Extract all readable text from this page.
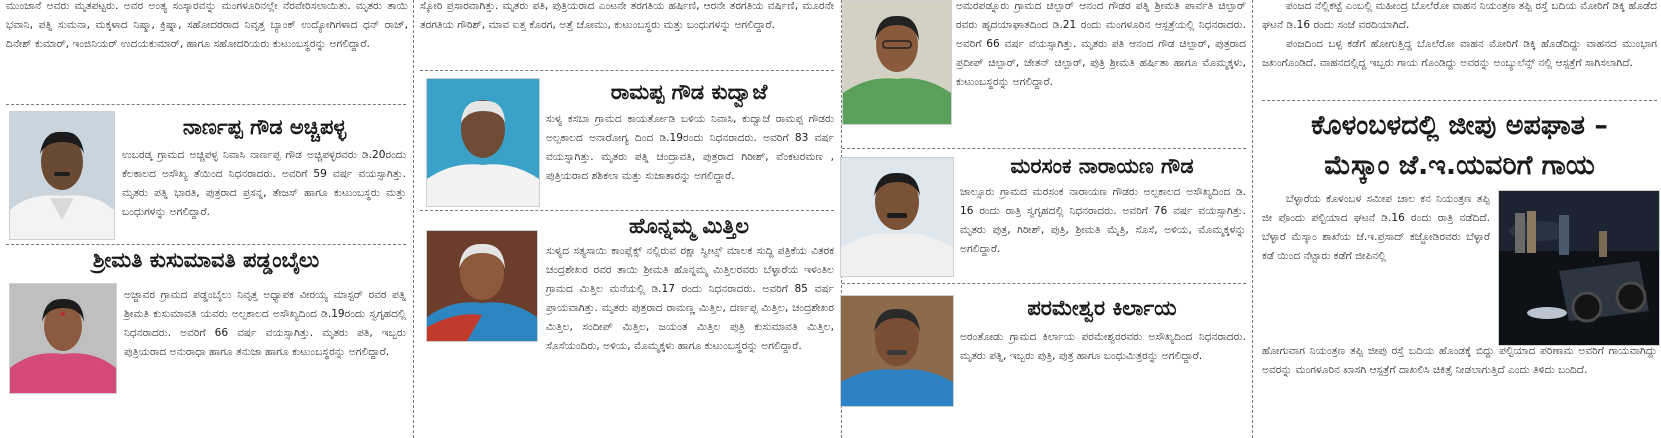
ಮುಂಜಾನೆ ಅವರು ಮೃತಪಟ್ಟರು. ಅವರ ಅಂತ್ಯ ಸಂಸ್ಕಾರವನ್ನು ಮಂಗಳೂರಿನಲ್ಲೇ ನೆರವೇರಿಸಲಾಯಿತು. ಮೃತರು ತಾಯಿ ಭವಾನಿ, ಪತ್ನಿ ಸುಮನಾ, ಮಕ್ಕಳಾದ ನಿಷ್ಮಾ, ಕ್ರಿಷ್ನಾ, ಸಹೋದರರಾದ ನಿವೃತ್ತ ಬ್ಯಾಂಕ್ ಉದ್ಯೋಗಿಗಳಾದ ಧನ್ ರಾಜ್, ದಿನೇಶ್ ಕುಮಾರ್, ಇಂಜಿನಿಯರ್ ಉದಯಕುಮಾರ್, ಹಾಗೂ ಸಹೋದರಿಯರು ಕುಟುಂಬಸ್ಥರನ್ನು ಅಗಲಿದ್ದಾರೆ.

ನಾರ್ಣಪ್ಪ ಗೌಡ ಅಚ್ಚಿಪಳ್ಳ

ಉಬರಡ್ಕ ಗ್ರಾಮದ ಅಚ್ಚಿಪಳ್ಳ ನಿವಾಸಿ ನಾರ್ಣಪ್ಪ ಗೌಡ ಅಚ್ಚಿಪಳ್ಳರವರು ಡಿ.20ರಂದು ಕೆಲಕಾಲದ ಅಸೌಖ್ಯ ತೆಯಿಂದ ನಿಧನರಾದರು. ಅವರಿಗೆ 59 ವರ್ಷ ವಯಸ್ಸಾಗಿತ್ತು. ಮೃತರು ಪತ್ನಿ ಭಾರತಿ, ಪುತ್ರರಾದ ಪ್ರಸನ್ನ, ತೇಜಸ್ ಹಾಗೂ ಕುಟುಂಬಸ್ಥರು ಮತ್ತು ಬಂಧುಗಳನ್ನು ಅಗಲಿದ್ದಾರೆ.

ಶ್ರೀಮತಿ ಕುಸುಮಾವತಿ ಪಡ್ಡಂಬೈಲು

ಅಜ್ಜಾವರ ಗ್ರಾಮದ ಪಡ್ಡಂಬೈಲು ನಿವೃತ್ತ ಅಧ್ಯಾಪಕ ವೀರಯ್ಯ ಮಾಸ್ಟರ್ ರವರ ಪತ್ನಿ ಶ್ರೀಮತಿ ಕುಸುಮಾವತಿ ಯವರು ಅಲ್ಪಕಾಲದ ಅಸೌಖ್ಯದಿಂದ ಡಿ.19ರಂದು ಸ್ವಗೃಹದಲ್ಲಿ ನಿಧನರಾದರು. ಅವರಿಗೆ 66 ವರ್ಷ ವಯಸ್ಸಾಗಿತ್ತು. ಮೃತರು ಪತಿ, ಇಬ್ಬರು ಪುತ್ರಿಯರಾದ ಅನುರಾಧಾ ಹಾಗೂ ತನುಜಾ ಹಾಗೂ ಕುಟುಂಬಸ್ಥರನ್ನು ಅಗಲಿದ್ದಾರೆ.

ಸ್ಕೋರಿ ಪ್ರಸಾರವಾಗಿತ್ತು. ಮೃತರು ಪತಿ, ಪುತ್ರಿಯರಾದ ಎಂಟನೇ ತರಗತಿಯ ಹರ್ಷಿಣಿ, ಆರನೇ ತರಗತಿಯ ವರ್ಷಿಣಿ, ಮೂರನೇ ತರಗತಿಯ ಗೌರಿಶ್, ಮಾವ ಐತ್ತ ಕೊರಗ, ಅತ್ತೆ ಚೋಮು, ಕುಟುಂಬಸ್ಥರು ಮತ್ತು ಬಂಧುಗಳನ್ನು ಅಗಲಿದ್ದಾರೆ.

ರಾಮಪ್ಪ ಗೌಡ ಕುದ್ವಾಜೆ

ಸುಳ್ಯ ಕಸಬಾ ಗ್ರಾಮದ ಕಾಯರ್ತೋಡಿ ಬಳಿಯ ನಿವಾಸಿ, ಕುದ್ವಾಜೆ ರಾಮಪ್ಪ ಗೌಡರು ಅಲ್ಪಕಾಲದ ಅನಾರೋಗ್ಯ ದಿಂದ ಡಿ.19ರಂದು ನಿಧನರಾದರು. ಅವರಿಗೆ 83 ವರ್ಷ ವಯಸ್ಸಾಗಿತ್ತು. ಮೃತರು ಪತ್ನಿ ಚಂದ್ರಾವತಿ, ಪುತ್ರರಾದ ಗಿರೀಶ್, ವೆಂಕಟರಮಣ , ಪುತ್ರಿಯರಾದ ಶಶಿಕಲಾ ಮತ್ತು ಸುಜಾತಾರನ್ನು ಅಗಲಿದ್ದಾರೆ.

ಹೊನ್ನಮ್ಮ ಮಿತ್ತಿಲ

ಸುಳ್ಯದ ಸತ್ಯಸಾಯಿ ಕಾಂಪ್ಲೆಕ್ಸ್ ನಲ್ಲಿರುವ ರಕ್ಷಾ ಸ್ವೀಟ್ಸ್ ಮಾಲಕ ಸುದ್ದಿ ಪತ್ರಿಕೆಯ ವಿತರಕ ಚಂದ್ರಶೇಖರ ರವರ ತಾಯಿ ಶ್ರೀಮತಿ ಹೊನ್ನಮ್ಮ ಮಿತ್ತಿಲರವರು ಬೆಳ್ಳಾರೆಯ ಇಳಂತಿಲ ಗ್ರಾಮದ ಮಿತ್ತಿಲ ಮನೆಯಲ್ಲಿ ಡಿ.17 ರಂದು ನಿಧನರಾದರು. ಅವರಿಗೆ 85 ವರ್ಷ ಪ್ರಾಯವಾಗಿತ್ತು. ಮೃತರು ಪುತ್ರರಾದ ರಾಮಣ್ಣ ಮಿತ್ತಿಲ, ದರ್ಣಪ್ಪ ಮಿತ್ತಿಲ, ಚಂದ್ರಶೇಖರ ಮಿತ್ತಿಲ, ಸಂದೀಪ್ ಮಿತ್ತಿಲ, ಜಯಂತ ಮಿತ್ತಿಲ ಪುತ್ರಿ ಕುಸುಮಾವತಿ ಮಿತ್ತಿಲ, ಸೊಸೆಯಂದಿರು, ಅಳಿಯ, ಮೊಮ್ಮಕ್ಕಳು ಹಾಗೂ ಕುಟುಂಬಸ್ಥರನ್ನು ಅಗಲಿದ್ದಾರೆ.

ಅಮರಪಡ್ನೂರು ಗ್ರಾಮದ ಚಿಲ್ಪಾರ್ ಆನಂದ ಗೌಡರ ಪತ್ನಿ ಶ್ರೀಮತಿ ಪಾರ್ವತಿ ಚಿಲ್ಪಾರ್ ರವರು ಹೃದಯಾಘಾತದಿಂದ ಡಿ.21 ರಂದು ಮಂಗಳೂರಿನ ಆಸ್ಪತ್ರೆಯಲ್ಲಿ ನಿಧನರಾದರು. ಅವರಿಗೆ 66 ವರ್ಷ ವಯಸ್ಸಾಗಿತ್ತು. ಮೃತರು ಪತಿ ಆನಂದ ಗೌಡ ಚಿಲ್ಪಾರ್, ಪುತ್ರರಾದ ಪ್ರದೀಪ್ ಚಿಲ್ಪಾರ್, ಚೇತನ್ ಚಿಲ್ಪಾರ್, ಪುತ್ರಿ ಶ್ರೀಮತಿ ಹರ್ಷಿತಾ ಹಾಗೂ ಮೊಮ್ಮಕ್ಕಳು, ಕುಟುಂಬಸ್ಥರನ್ನು ಅಗಲಿದ್ದಾರೆ.

ಮರಸಂಕ ನಾರಾಯಣ ಗೌಡ

ಜಾಲ್ಸೂರು ಗ್ರಾಮದ ಮರಸಂಕ ನಾರಾಯಣ ಗೌಡರು ಅಲ್ಪಕಾಲದ ಅಸೌಖ್ಯದಿಂದ ಡಿ. 16 ರಂದು ರಾತ್ರಿ ಸ್ವಗೃಹದಲ್ಲಿ ನಿಧನರಾದರು. ಅವರಿಗೆ 76 ವರ್ಷ ವಯಸ್ಸಾಗಿತ್ತು. ಮೃತರು ಪುತ್ರ, ಗಿರೀಶ್, ಪುತ್ರಿ, ಶ್ರೀಮತಿ ಮೈತ್ರಿ, ಸೊಸೆ, ಅಳಿಯ, ಮೊಮ್ಮಕ್ಕಳನ್ನು ಅಗಲಿದ್ದಾರೆ.

ಪರಮೇಶ್ವರ ಕಿರ್ಲಾಯ

ಅರಂತೋಡು ಗ್ರಾಮದ ಕಿರ್ಲಾಯ ಪರಮೇಶ್ವರರವರು ಅಸೌಖ್ಯದಿಂದ ನಿಧನರಾದರು. ಮೃತರು ಪತ್ನಿ, ಇಬ್ಬರು ಪುತ್ರಿ, ಪುತ್ರ ಹಾಗೂ ಬಂಧುಮಿತ್ರರನ್ನು ಅಗಲಿದ್ದಾರೆ.

ಪಂಜದ ನೆಲ್ಲಿಕಟ್ಟೆ ಎಂಬಲ್ಲಿ ಮಹೀಂದ್ರ ಬೊಲೆರೋ ವಾಹನ ನಿಯಂತ್ರಣ ತಪ್ಪಿ ರಸ್ತೆ ಬದಿಯ ಮೋರಿಗೆ ಡಿಕ್ಕಿ ಹೊಡೆದ ಘಟನೆ ಡಿ.16 ರಂದು ಸಂಜೆ ವರದಿಯಾಗಿದೆ.

ಪಂಜದಿಂದ ಬಳ್ಪ ಕಡೆಗೆ ಹೋಗುತ್ತಿದ್ದ ಬೊಲೆರೋ ವಾಹನ ಮೋರಿಗೆ ಡಿಕ್ಕಿ ಹೊಡೆದಿದ್ದು ವಾಹನದ ಮುಂಭಾಗ ಜಖಂಗೊಂಡಿದೆ. ವಾಹನದಲ್ಲಿದ್ದ ಇಬ್ಬರು ಗಾಯ ಗೊಂಡಿದ್ದು ಅವರನ್ನು ಅಂಬ್ಯುಲೆನ್ಸ್ ನಲ್ಲಿ ಆಸ್ಪತ್ರೆಗೆ ಸಾಗಿಸಲಾಗಿದೆ.

ಕೊಳಂಬಳದಲ್ಲಿ ಜೀಪು ಅಪಘಾತ –
ಮೆಸ್ಕಾಂ ಜೆ.ಇ.ಯವರಿಗೆ ಗಾಯ

ಬೆಳ್ಳಾರೆಯ ಕೊಳಂಬಳ ಸಮೀಪ ಚಾಲ ಕನ ನಿಯಂತ್ರಣ ತಪ್ಪಿ ಜೀ ಪೊಂದು ಪಲ್ಟಿಯಾದ ಘಟನೆ ಡಿ.16 ರಂದು ರಾತ್ರಿ ನಡೆದಿದೆ. ಬೆಳ್ಳಾರೆ ಮೆಸ್ಕಾಂ ಶಾಖೆಯ ಜೆ.ಇ.ಪ್ರಸಾದ್ ಕಜ್ಜೋಡಿರವರು ಬೆಳ್ಳಾರೆ ಕಡೆ ಯಿಂದ ನೆಟ್ಟಾರು ಕಡೆಗೆ ಜೀಪಿನಲ್ಲಿ

ಹೋಗುವಾಗ ನಿಯಂತ್ರಣ ತಪ್ಪಿ ಜೀಪು ರಸ್ತೆ ಬದಿಯ ಹೊಂಡಕ್ಕೆ ಬಿದ್ದು ಪಲ್ಟಿಯಾದ ಪರಿಣಾಮ ಅವರಿಗೆ ಗಾಯವಾಗಿದ್ದು ಅವರನ್ನು ಮಂಗಳೂರಿನ ಖಾಸಗಿ ಆಸ್ಪತ್ರೆಗೆ ದಾಖಲಿಸಿ ಚಿಕಿತ್ಸೆ ನೀಡಲಾಗುತ್ತಿದೆ ಎಂದು ತಿಳಿದು ಬಂದಿದೆ.
